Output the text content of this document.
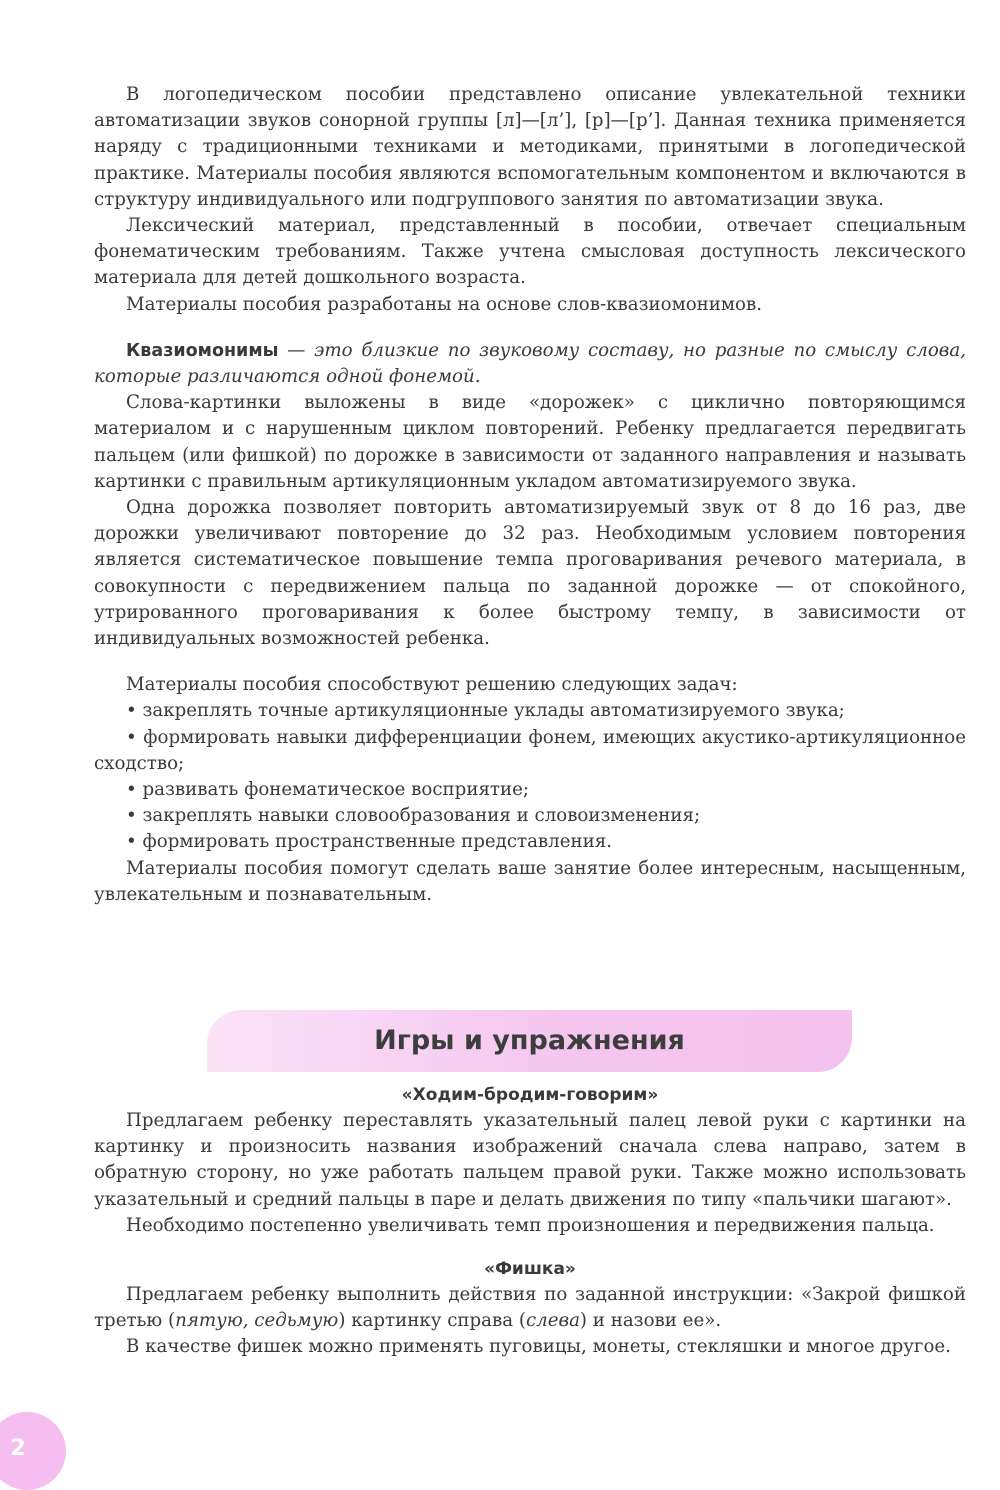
В логопедическом пособии представлено описание увлекательной техники автоматизации звуков сонорной группы [л]—[л’], [р]—[р’]. Данная техника применяется наряду с традиционными техниками и методиками, принятыми в логопедической практике. Материалы пособия являются вспомогательным компонентом и включаются в структуру индивидуального или подгруппового занятия по автоматизации звука.

Лексический материал, представленный в пособии, отвечает специальным фонематическим требованиям. Также учтена смысловая доступность лексического материала для детей дошкольного возраста.

Материалы пособия разработаны на основе слов-квазиомонимов.

Квазиомонимы — это близкие по звуковому составу, но разные по смыслу слова, которые различаются одной фонемой.

Слова-картинки выложены в виде «дорожек» с циклично повторяющимся материалом и с нарушенным циклом повторений. Ребенку предлагается передвигать пальцем (или фишкой) по дорожке в зависимости от заданного направления и называть картинки с правильным артикуляционным укладом автоматизируемого звука.

Одна дорожка позволяет повторить автоматизируемый звук от 8 до 16 раз, две дорожки увеличивают повторение до 32 раз. Необходимым условием повторения является систематическое повышение темпа проговаривания речевого материала, в совокупности с передвижением пальца по заданной дорожке — от спокойного, утрированного проговаривания к более быстрому темпу, в зависимости от индивидуальных возможностей ребенка.

Материалы пособия способствуют решению следующих задач:

• закреплять точные артикуляционные уклады автоматизируемого звука;

• формировать навыки дифференциации фонем, имеющих акустико-артикуляционное сходство;

• развивать фонематическое восприятие;

• закреплять навыки словообразования и словоизменения;

• формировать пространственные представления.

Материалы пособия помогут сделать ваше занятие более интересным, насыщенным, увлекательным и познавательным.

Игры и упражнения
«Ходим-бродим-говорим»

Предлагаем ребенку переставлять указательный палец левой руки с картинки на картинку и произносить названия изображений сначала слева направо, затем в обратную сторону, но уже работать пальцем правой руки. Также можно использовать указательный и средний пальцы в паре и делать движения по типу «пальчики шагают».

Необходимо постепенно увеличивать темп произношения и передвижения пальца.

«Фишка»

Предлагаем ребенку выполнить действия по заданной инструкции: «Закрой фишкой третью (пятую, седьмую) картинку справа (слева) и назови ее».

В качестве фишек можно применять пуговицы, монеты, стекляшки и многое другое.

2
